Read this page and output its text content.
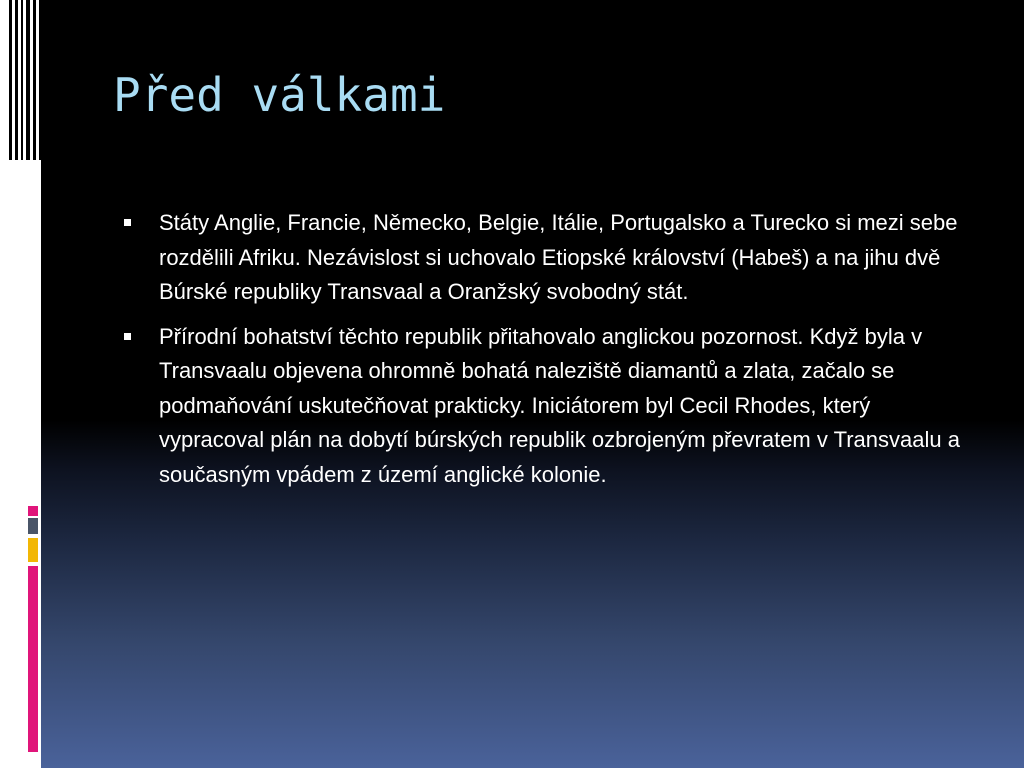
Před válkami
Státy Anglie, Francie, Německo, Belgie, Itálie, Portugalsko a Turecko si mezi sebe rozdělili Afriku. Nezávislost si uchovalo Etiopské království (Habeš) a na jihu dvě Búrské republiky Transvaal a Oranžský svobodný stát.
Přírodní bohatství těchto republik přitahovalo anglickou pozornost. Když byla v Transvaalu objevena ohromně bohatá naleziště diamantů a zlata, začalo se podmaňování uskutečňovat prakticky. Iniciátorem byl Cecil Rhodes, který vypracoval plán na dobytí búrských republik ozbrojeným převratem v Transvaalu a současným vpádem z území anglické kolonie.
